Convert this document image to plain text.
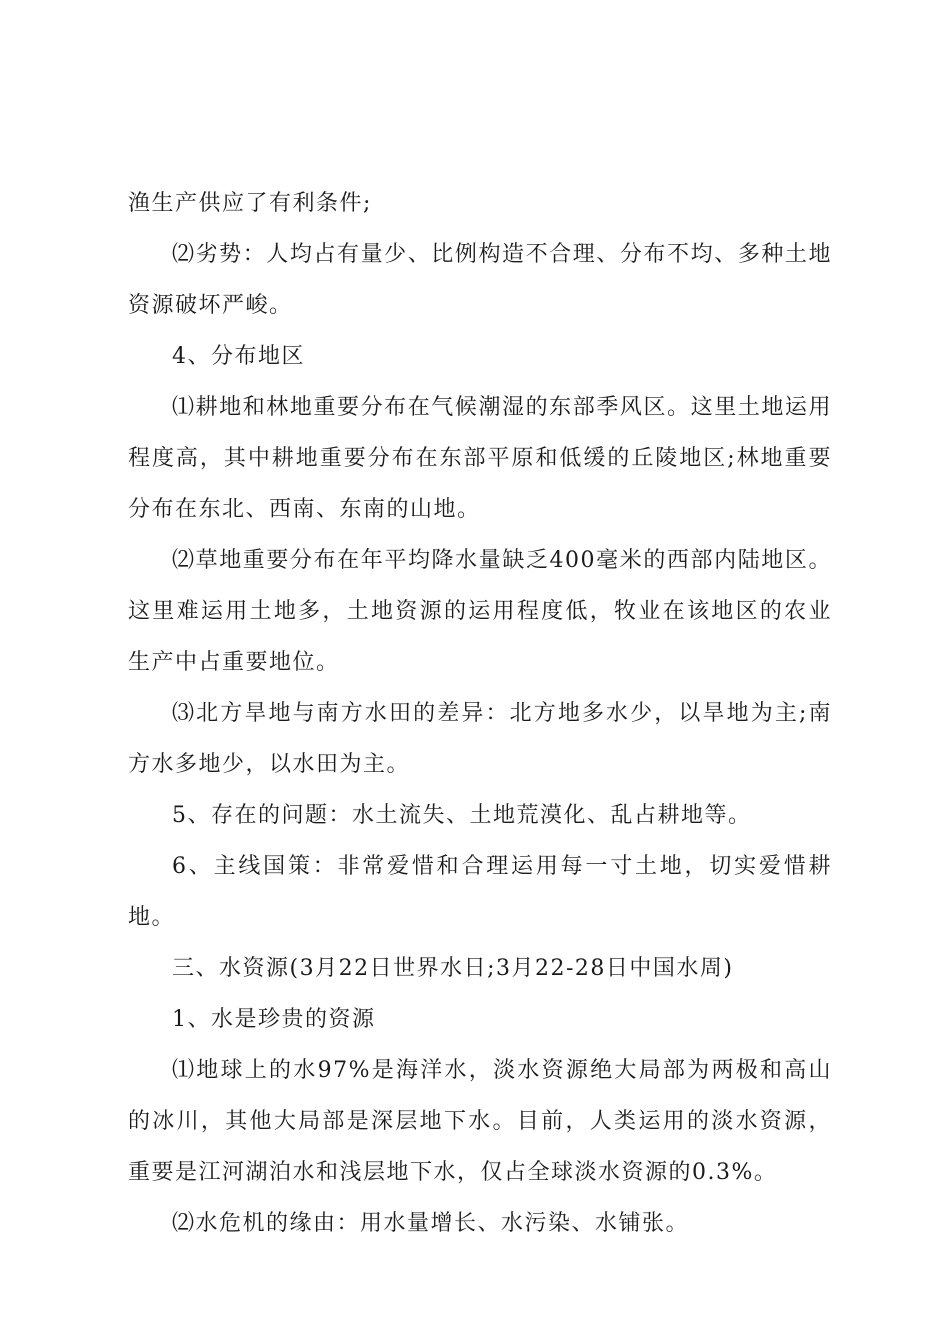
渔生产供应了有利条件;

⑵劣势：人均占有量少、比例构造不合理、分布不均、多种土地资源破坏严峻。

4、分布地区

⑴耕地和林地重要分布在气候潮湿的东部季风区。这里土地运用程度高，其中耕地重要分布在东部平原和低缓的丘陵地区;林地重要分布在东北、西南、东南的山地。

⑵草地重要分布在年平均降水量缺乏400毫米的西部内陆地区。这里难运用土地多，土地资源的运用程度低，牧业在该地区的农业生产中占重要地位。

⑶北方旱地与南方水田的差异：北方地多水少，以旱地为主;南方水多地少，以水田为主。

5、存在的问题：水土流失、土地荒漠化、乱占耕地等。

6、主线国策：非常爱惜和合理运用每一寸土地，切实爱惜耕地。

三、水资源(3月22日世界水日;3月22-28日中国水周)

1、水是珍贵的资源

⑴地球上的水97%是海洋水，淡水资源绝大局部为两极和高山的冰川，其他大局部是深层地下水。目前，人类运用的淡水资源，重要是江河湖泊水和浅层地下水，仅占全球淡水资源的0.3%。

⑵水危机的缘由：用水量增长、水污染、水铺张。
